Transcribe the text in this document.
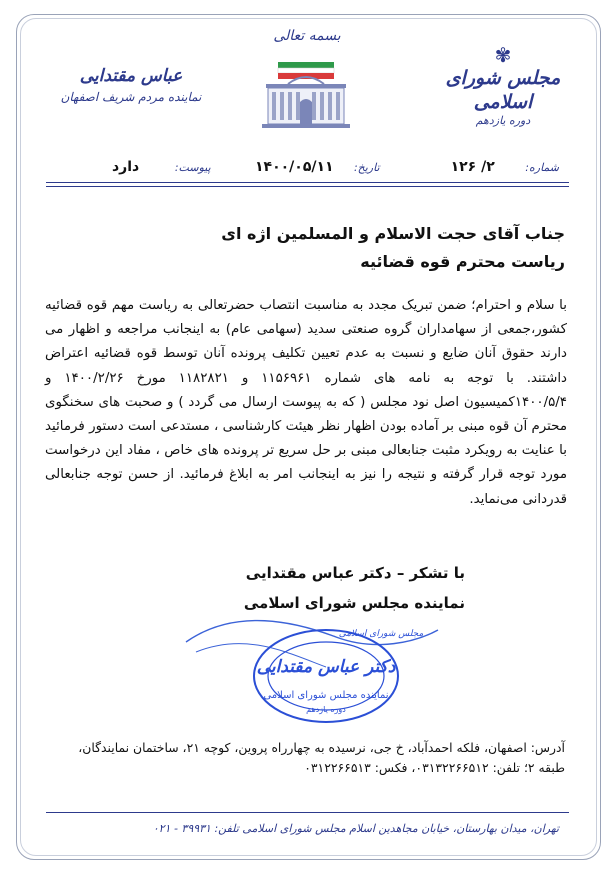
بسمه تعالی
✾
مجلس شورای اسلامی
دوره یازدهم
عباس مقتدایی
نماینده مردم شریف اصفهان
شماره:      ۲/ ۱۲۶
تاریخ:    ۱۴۰۰/۰۵/۱۱
پیوست:       دارد
جناب آقای حجت الاسلام و المسلمین اژه ای
ریاست محترم قوه قضائیه
با سلام و احترام؛ ضمن تبریک مجدد به مناسبت انتصاب حضرتعالی به ریاست مهم قوه قضائیه کشور،جمعی از سهامداران گروه صنعتی سدید (سهامی عام) به اینجانب مراجعه و اظهار می دارند حقوق آنان ضایع و نسبت به عدم تعیین تکلیف پرونده آنان توسط قوه قضائیه اعتراض داشتند. با توجه به نامه های شماره ۱۱۵۶۹۶۱ و ۱۱۸۲۸۲۱ مورخ ۱۴۰۰/۲/۲۶ و ۱۴۰۰/۵/۴کمیسیون اصل نود مجلس ( که به پیوست ارسال می گردد ) و صحبت های سخنگوی محترم آن قوه مبنی بر آماده بودن اظهار نظر هیئت کارشناسی ، مستدعی است دستور فرمائید با عنایت به رویکرد مثبت جنابعالی مبنی بر حل سریع تر پرونده های خاص ، مفاد این درخواست مورد توجه قرار گرفته و نتیجه را نیز به اینجانب امر به ابلاغ فرمائید. از حسن توجه جنابعالی قدردانی می‌نماید.
با تشکر – دکتر عباس مقتدایی
نماینده مجلس شورای اسلامی
دکتر عباس مقتدایی
نماینده مجلس شورای اسلامی
دوره یازدهم
مجلس شورای اسلامی
آدرس: اصفهان، فلکه احمدآباد، خ جی، نرسیده به چهارراه پروین، کوچه ۲۱، ساختمان نمایندگان،
طبقه ۲؛ تلفن: ۰۳۱۳۲۲۶۶۵۱۲، فکس: ۰۳۱۲۲۶۶۵۱۳
تهران، میدان بهارستان، خیابان مجاهدین اسلام مجلس شورای اسلامی تلفن: ۳۹۹۳۱ - ۰۲۱
